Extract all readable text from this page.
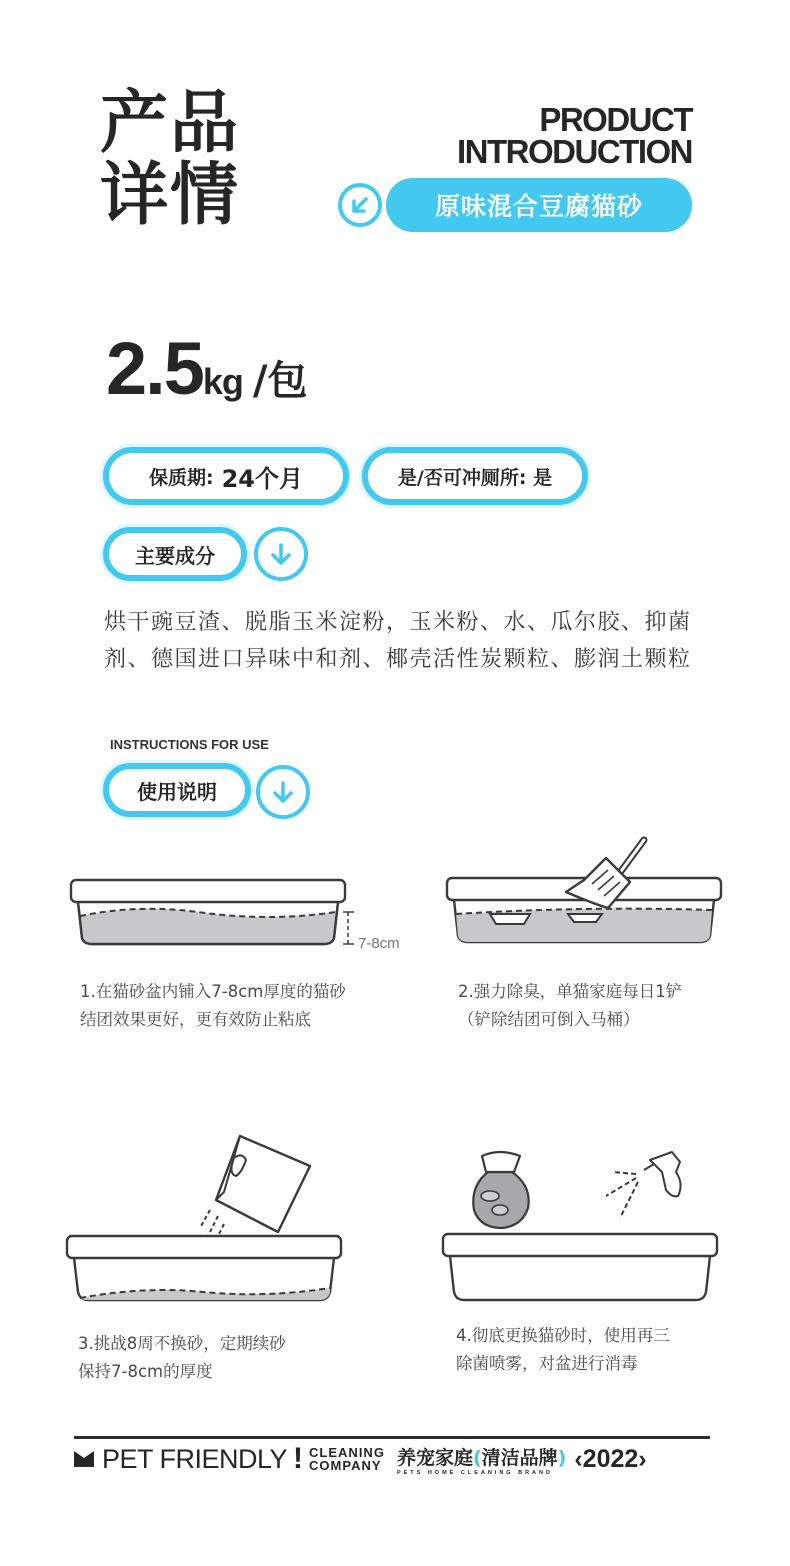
产品
详情
PRODUCT
INTRODUCTION
原味混合豆腐猫砂
2.5kg /包
保质期: 24个月	是/否可冲厕所: 是
主要成分
烘干豌豆渣、脱脂玉米淀粉，玉米粉、水、瓜尔胶、抑菌剂、德国进口异味中和剂、椰壳活性炭颗粒、膨润土颗粒
INSTRUCTIONS FOR USE
使用说明
7-8cm
1.在猫砂盆内铺入7-8cm厚度的猫砂
结团效果更好，更有效防止粘底
2.强力除臭，单猫家庭每日1铲
（铲除结团可倒入马桶）
3.挑战8周不换砂，定期续砂
保持7-8cm的厚度
4.彻底更换猫砂时，使用再三
除菌喷雾，对盆进行消毒
PET FRIENDLY ! CLEANING
COMPANY 养宠家庭(清洁品牌)
PETS HOME CLEANING BRAND ‹2022›
